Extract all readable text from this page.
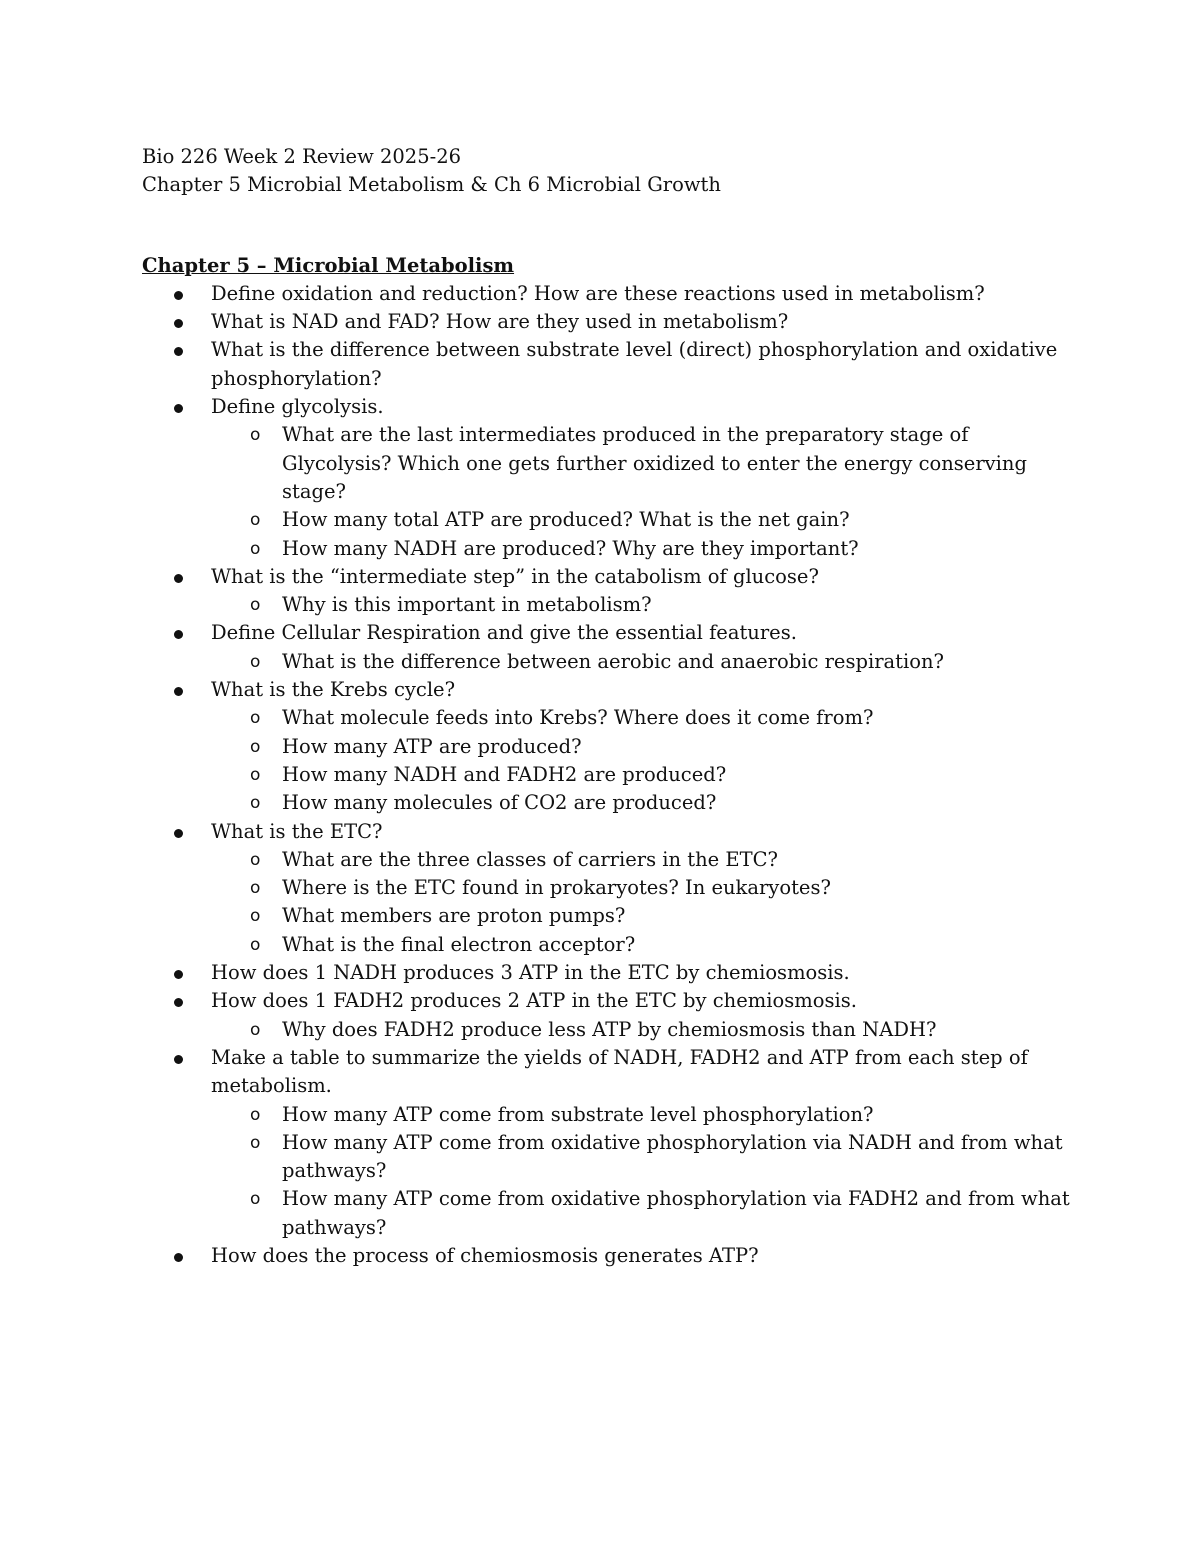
Bio 226 Week 2 Review 2025-26

Chapter 5 Microbial Metabolism & Ch 6 Microbial Growth

Chapter 5 – Microbial Metabolism

Define oxidation and reduction? How are these reactions used in metabolism?
What is NAD and FAD? How are they used in metabolism?
What is the difference between substrate level (direct) phosphorylation and oxidative phosphorylation?
Define glycolysis.
o What are the last intermediates produced in the preparatory stage of Glycolysis? Which one gets further oxidized to enter the energy conserving stage?
o How many total ATP are produced? What is the net gain?
o How many NADH are produced? Why are they important?
What is the “intermediate step” in the catabolism of glucose?
o Why is this important in metabolism?
Define Cellular Respiration and give the essential features.
o What is the difference between aerobic and anaerobic respiration?
What is the Krebs cycle?
o What molecule feeds into Krebs? Where does it come from?
o How many ATP are produced?
o How many NADH and FADH2 are produced?
o How many molecules of CO2 are produced?
What is the ETC?
o What are the three classes of carriers in the ETC?
o Where is the ETC found in prokaryotes? In eukaryotes?
o What members are proton pumps?
o What is the final electron acceptor?
How does 1 NADH produces 3 ATP in the ETC by chemiosmosis.
How does 1 FADH2 produces 2 ATP in the ETC by chemiosmosis.
o Why does FADH2 produce less ATP by chemiosmosis than NADH?
Make a table to summarize the yields of NADH, FADH2 and ATP from each step of metabolism.
o How many ATP come from substrate level phosphorylation?
o How many ATP come from oxidative phosphorylation via NADH and from what pathways?
o How many ATP come from oxidative phosphorylation via FADH2 and from what pathways?
How does the process of chemiosmosis generates ATP?
